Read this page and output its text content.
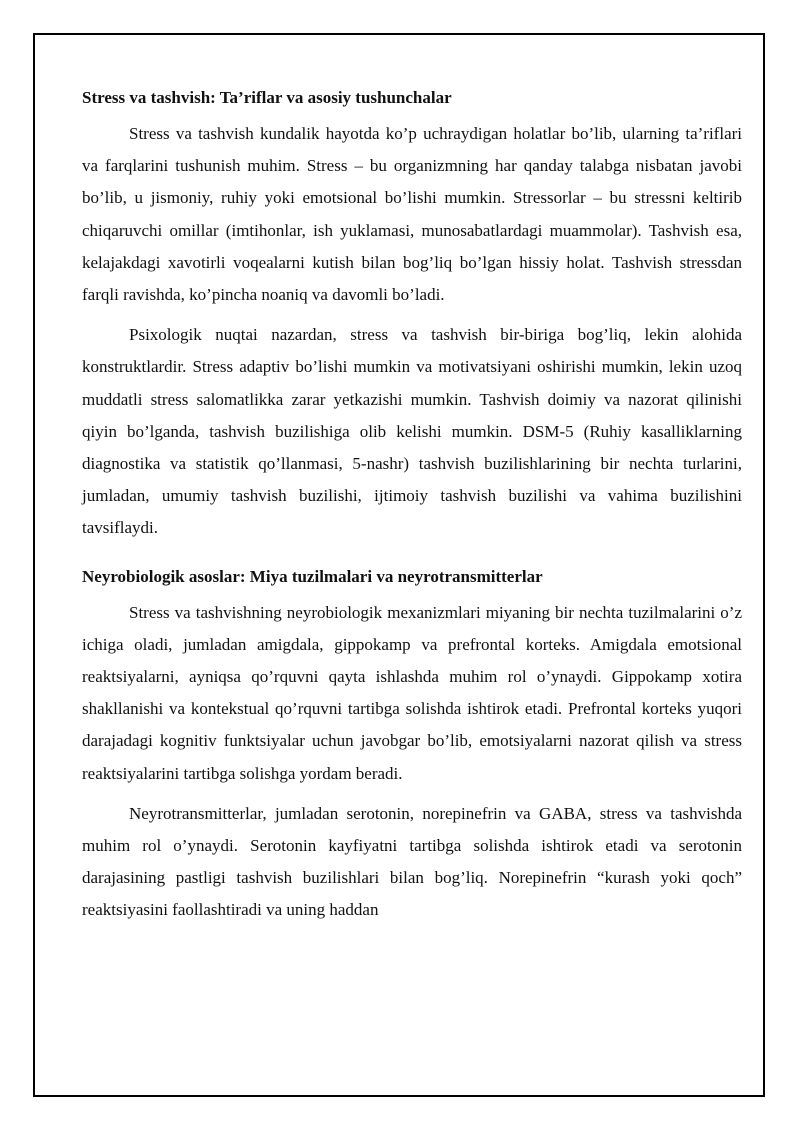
Stress va tashvish: Ta’riflar va asosiy tushunchalar

Stress va tashvish kundalik hayotda ko’p uchraydigan holatlar bo’lib, ularning ta’riflari va farqlarini tushunish muhim. Stress – bu organizmning har qanday talabga nisbatan javobi bo’lib, u jismoniy, ruhiy yoki emotsional bo’lishi mumkin. Stressorlar – bu stressni keltirib chiqaruvchi omillar (imtihonlar, ish yuklamasi, munosabatlardagi muammolar). Tashvish esa, kelajakdagi xavotirli voqealarni kutish bilan bog’liq bo’lgan hissiy holat. Tashvish stressdan farqli ravishda, ko’pincha noaniq va davomli bo’ladi.

Psixologik nuqtai nazardan, stress va tashvish bir-biriga bog’liq, lekin alohida konstruktlardir. Stress adaptiv bo’lishi mumkin va motivatsiyani oshirishi mumkin, lekin uzoq muddatli stress salomatlikka zarar yetkazishi mumkin. Tashvish doimiy va nazorat qilinishi qiyin bo’lganda, tashvish buzilishiga olib kelishi mumkin. DSM-5 (Ruhiy kasalliklarning diagnostika va statistik qo’llanmasi, 5-nashr) tashvish buzilishlarining bir nechta turlarini, jumladan, umumiy tashvish buzilishi, ijtimoiy tashvish buzilishi va vahima buzilishini tavsiflaydi.

Neyrobiologik asoslar: Miya tuzilmalari va neyrotransmitterlar

Stress va tashvishning neyrobiologik mexanizmlari miyaning bir nechta tuzilmalarini o’z ichiga oladi, jumladan amigdala, gippokamp va prefrontal korteks. Amigdala emotsional reaktsiyalarni, ayniqsa qo’rquvni qayta ishlashda muhim rol o’ynaydi. Gippokamp xotira shakllanishi va kontekstual qo’rquvni tartibga solishda ishtirok etadi. Prefrontal korteks yuqori darajadagi kognitiv funktsiyalar uchun javobgar bo’lib, emotsiyalarni nazorat qilish va stress reaktsiyalarini tartibga solishga yordam beradi.

Neyrotransmitterlar, jumladan serotonin, norepinefrin va GABA, stress va tashvishda muhim rol o’ynaydi. Serotonin kayfiyatni tartibga solishda ishtirok etadi va serotonin darajasining pastligi tashvish buzilishlari bilan bog’liq. Norepinefrin “kurash yoki qoch” reaktsiyasini faollashtiradi va uning haddan
